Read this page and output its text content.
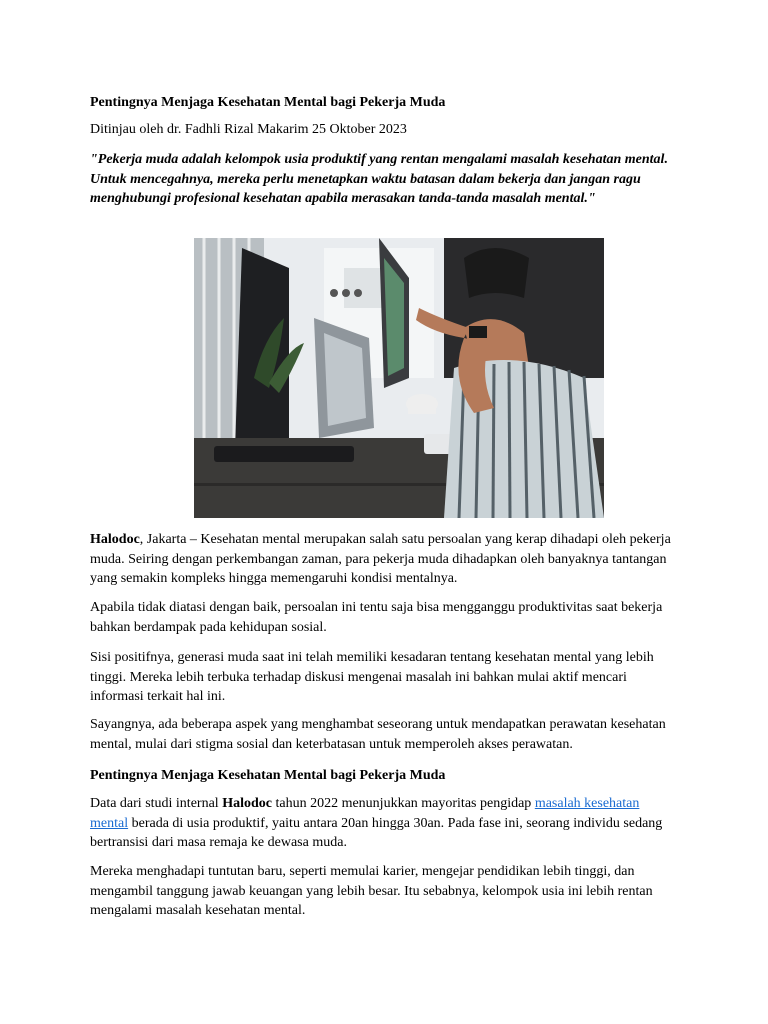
Pentingnya Menjaga Kesehatan Mental bagi Pekerja Muda

Ditinjau oleh dr. Fadhli Rizal Makarim 25 Oktober 2023

"Pekerja muda adalah kelompok usia produktif yang rentan mengalami masalah kesehatan mental. Untuk mencegahnya, mereka perlu menetapkan waktu batasan dalam bekerja dan jangan ragu menghubungi profesional kesehatan apabila merasakan tanda-tanda masalah mental."

Halodoc, Jakarta – Kesehatan mental merupakan salah satu persoalan yang kerap dihadapi oleh pekerja muda. Seiring dengan perkembangan zaman, para pekerja muda dihadapkan oleh banyaknya tantangan yang semakin kompleks hingga memengaruhi kondisi mentalnya.

Apabila tidak diatasi dengan baik, persoalan ini tentu saja bisa mengganggu produktivitas saat bekerja bahkan berdampak pada kehidupan sosial.

Sisi positifnya, generasi muda saat ini telah memiliki kesadaran tentang kesehatan mental yang lebih tinggi. Mereka lebih terbuka terhadap diskusi mengenai masalah ini bahkan mulai aktif mencari informasi terkait hal ini.

Sayangnya, ada beberapa aspek yang menghambat seseorang untuk mendapatkan perawatan kesehatan mental, mulai dari stigma sosial dan keterbatasan untuk memperoleh akses perawatan.

Pentingnya Menjaga Kesehatan Mental bagi Pekerja Muda

Data dari studi internal Halodoc tahun 2022 menunjukkan mayoritas pengidap masalah kesehatan mental berada di usia produktif, yaitu antara 20an hingga 30an. Pada fase ini, seorang individu sedang bertransisi dari masa remaja ke dewasa muda.

Mereka menghadapi tuntutan baru, seperti memulai karier, mengejar pendidikan lebih tinggi, dan mengambil tanggung jawab keuangan yang lebih besar. Itu sebabnya, kelompok usia ini lebih rentan mengalami masalah kesehatan mental.
